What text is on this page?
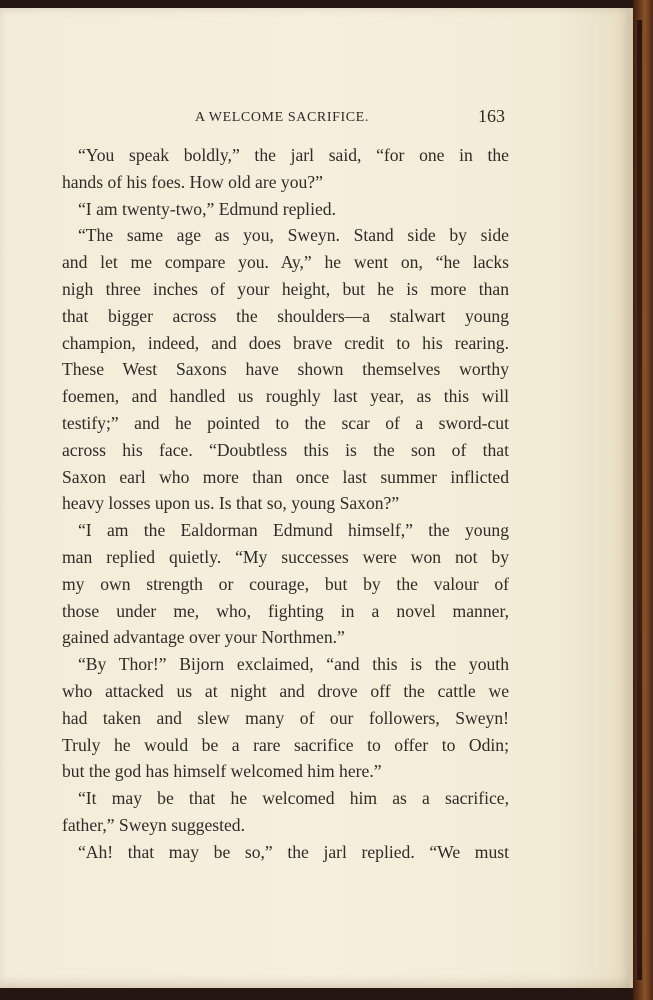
A WELCOME SACRIFICE.	163
“You speak boldly,” the jarl said, “for one in the
hands of his foes. How old are you?”
“I am twenty-two,” Edmund replied.
“The same age as you, Sweyn. Stand side by side
and let me compare you. Ay,” he went on, “he lacks
nigh three inches of your height, but he is more than
that bigger across the shoulders—a stalwart young
champion, indeed, and does brave credit to his rearing.
These West Saxons have shown themselves worthy
foemen, and handled us roughly last year, as this will
testify;” and he pointed to the scar of a sword-cut
across his face. “Doubtless this is the son of that
Saxon earl who more than once last summer inflicted
heavy losses upon us. Is that so, young Saxon?”
“I am the Ealdorman Edmund himself,” the young
man replied quietly. “My successes were won not by
my own strength or courage, but by the valour of
those under me, who, fighting in a novel manner,
gained advantage over your Northmen.”
“By Thor!” Bijorn exclaimed, “and this is the youth
who attacked us at night and drove off the cattle we
had taken and slew many of our followers, Sweyn!
Truly he would be a rare sacrifice to offer to Odin;
but the god has himself welcomed him here.”
“It may be that he welcomed him as a sacrifice,
father,” Sweyn suggested.
“Ah! that may be so,” the jarl replied. “We must
